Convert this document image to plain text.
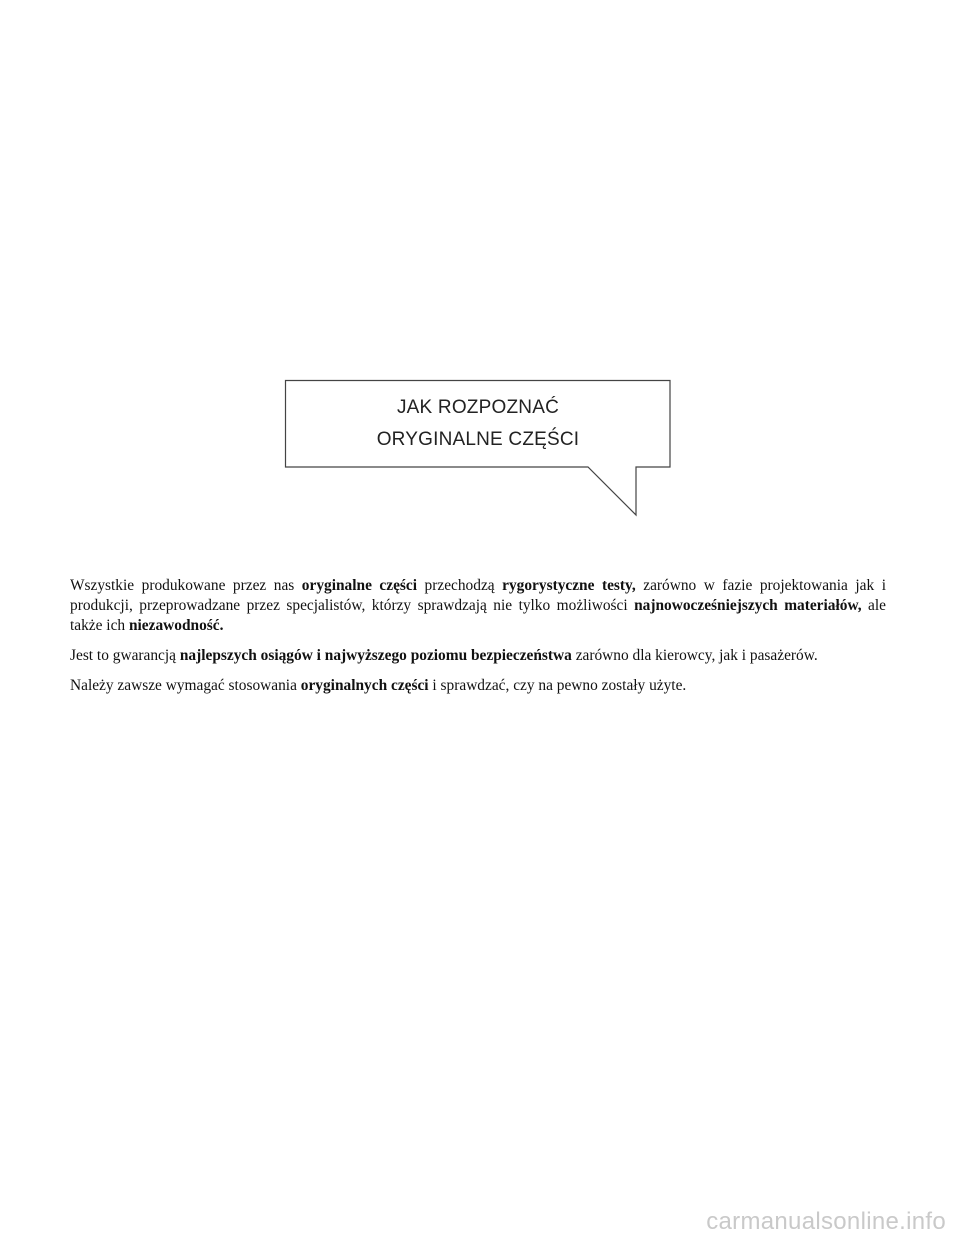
JAK ROZPOZNAĆ
ORYGINALNE CZĘŚCI

Wszystkie produkowane przez nas oryginalne części przechodzą rygorystyczne testy, zarówno w fazie projektowania jak i produkcji, przeprowadzane przez specjalistów, którzy sprawdzają nie tylko możliwości najnowocześniejszych materiałów, ale także ich niezawodność.

Jest to gwarancją najlepszych osiągów i najwyższego poziomu bezpieczeństwa zarówno dla kierowcy, jak i pasażerów.

Należy zawsze wymagać stosowania oryginalnych części i sprawdzać, czy na pewno zostały użyte.

carmanualsonline.info
